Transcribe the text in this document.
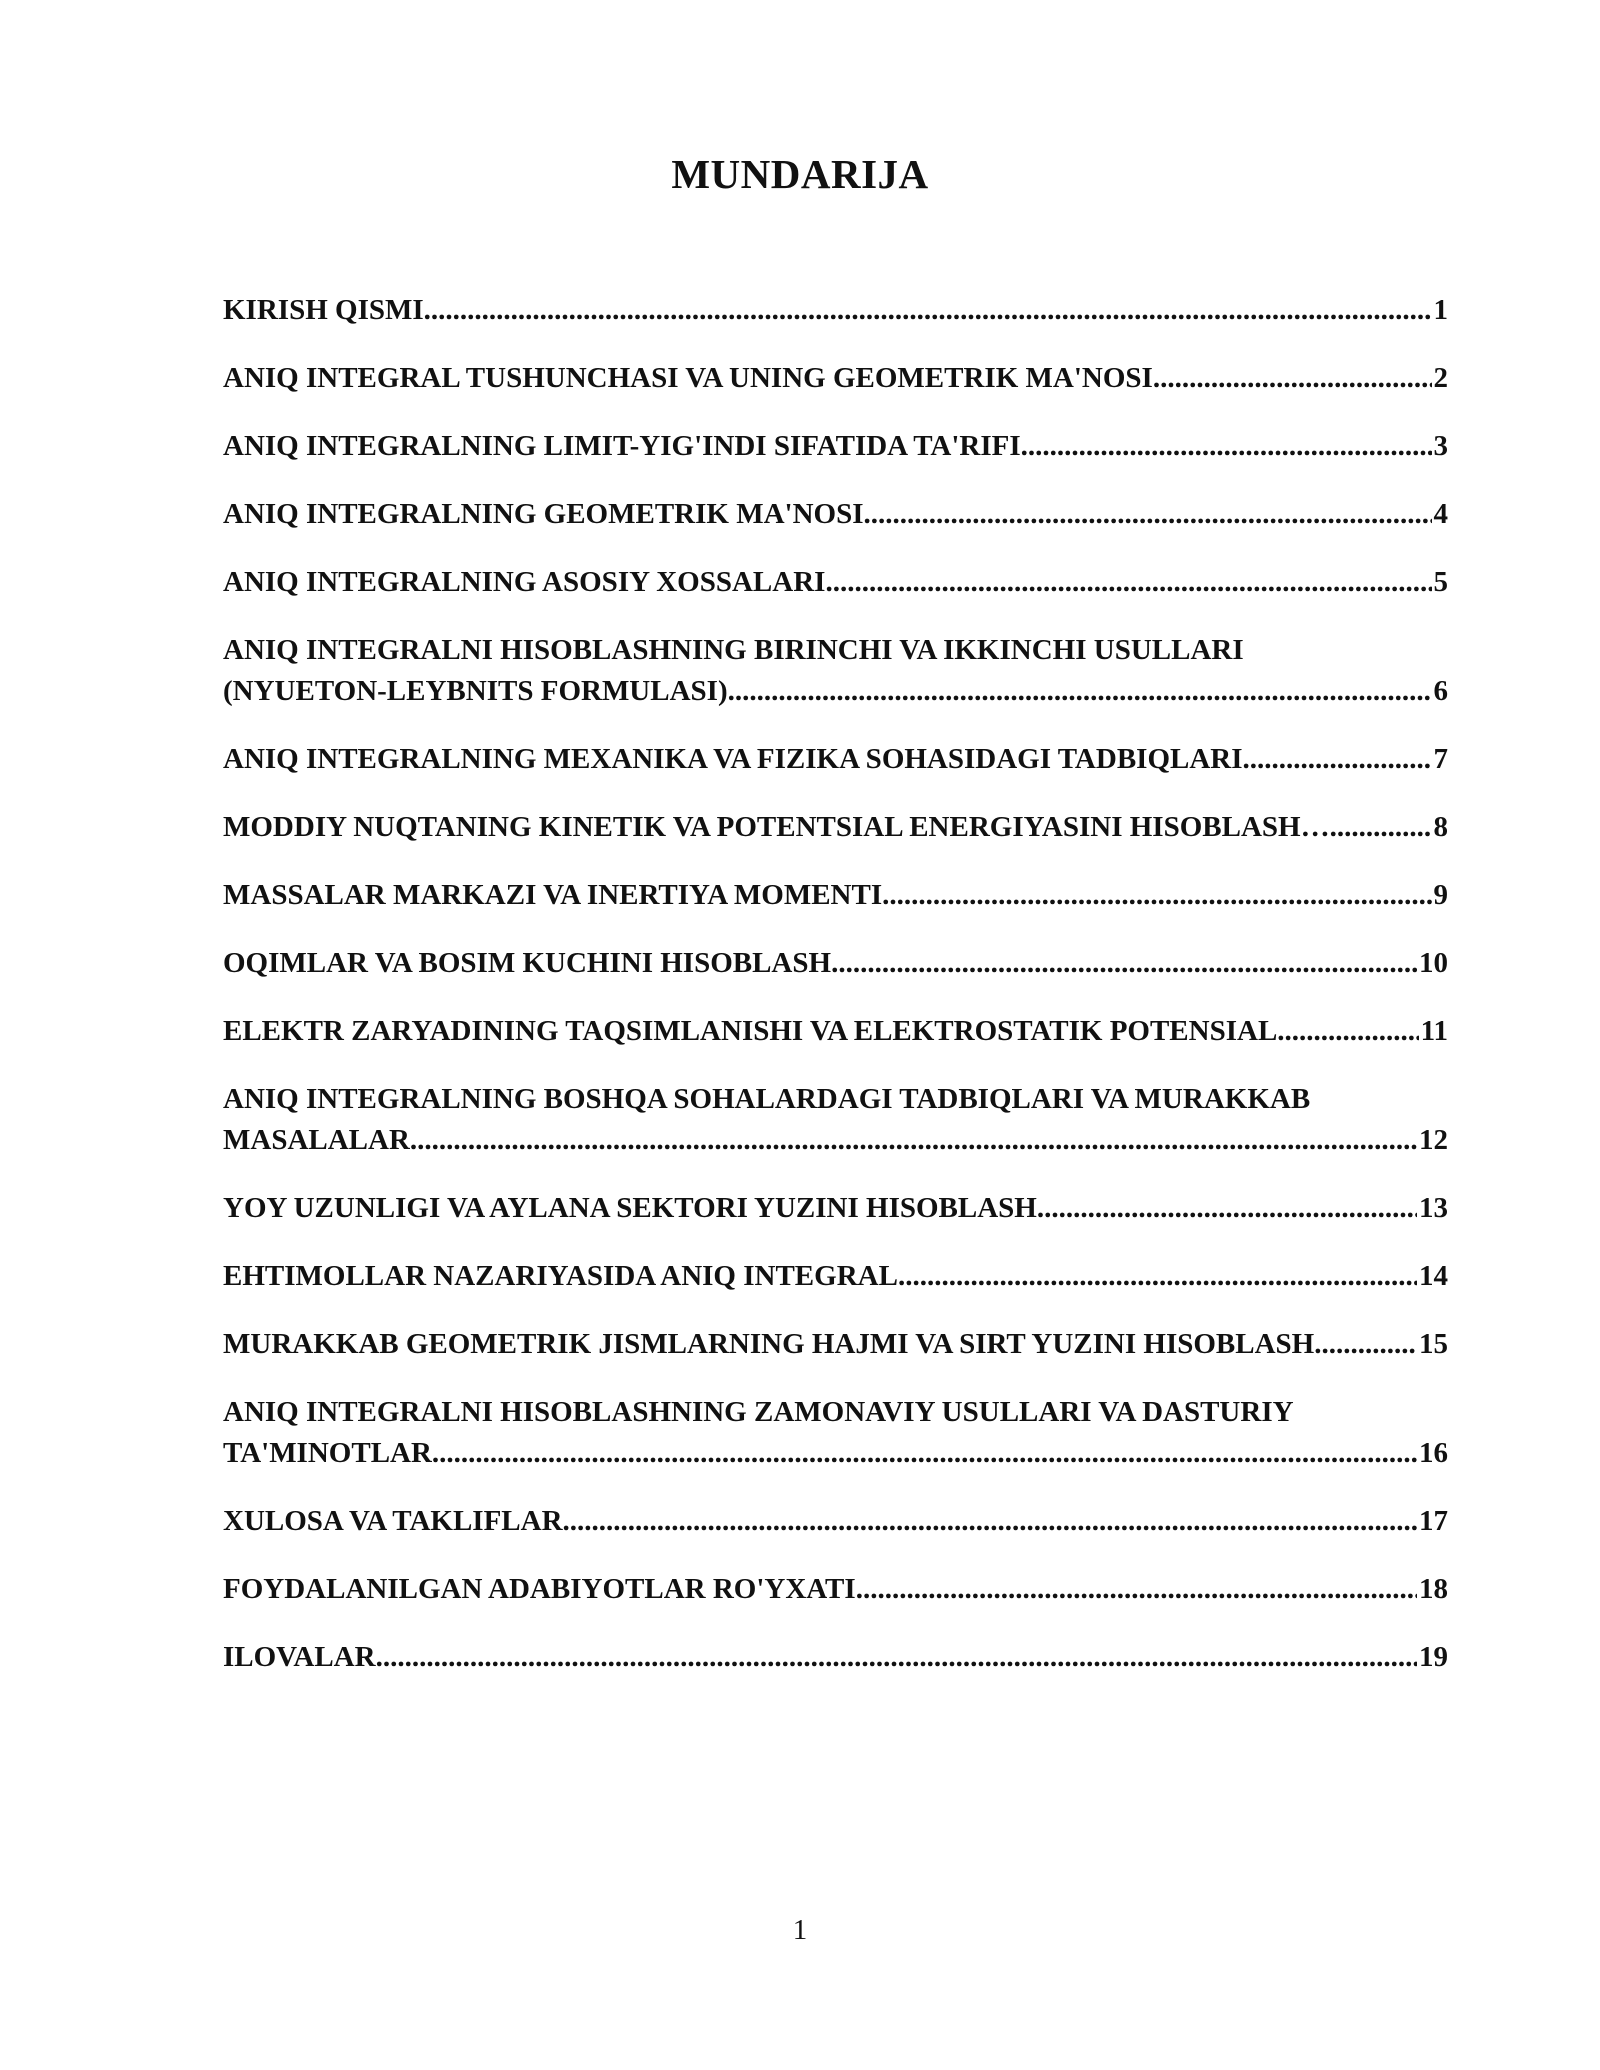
MUNDARIJA
KIRISH QISMI .....	1
ANIQ INTEGRAL TUSHUNCHASI VA UNING GEOMETRIK MA'NOSI .....	2
ANIQ INTEGRALNING LIMIT-YIG'INDI SIFATIDA TA'RIFI .....	3
ANIQ INTEGRALNING GEOMETRIK MA'NOSI .....	4
ANIQ INTEGRALNING ASOSIY XOSSALARI .....	5
ANIQ INTEGRALNI HISOBLASHNING BIRINCHI VA IKKINCHI USULLARI
(NYUETON-LEYBNITS FORMULASI) .....	6
ANIQ INTEGRALNING MEXANIKA VA FIZIKA SOHASIDAGI TADBIQLARI .....	7
MODDIY NUQTANING KINETIK VA POTENTSIAL ENERGIYASINI HISOBLASH… .....	8
MASSALAR MARKAZI VA INERTIYA MOMENTI .....	9
OQIMLAR VA BOSIM KUCHINI HISOBLASH .....	10
ELEKTR ZARYADINING TAQSIMLANISHI VA ELEKTROSTATIK POTENSIAL .....	11
ANIQ INTEGRALNING BOSHQA SOHALARDAGI TADBIQLARI VA MURAKKAB
MASALALAR .....	12
YOY UZUNLIGI VA AYLANA SEKTORI YUZINI HISOBLASH .....	13
EHTIMOLLAR NAZARIYASIDA ANIQ INTEGRAL .....	14
MURAKKAB GEOMETRIK JISMLARNING HAJMI VA SIRT YUZINI HISOBLASH .....	15
ANIQ INTEGRALNI HISOBLASHNING ZAMONAVIY USULLARI VA DASTURIY
TA'MINOTLAR .....	16
XULOSA VA TAKLIFLAR .....	17
FOYDALANILGAN ADABIYOTLAR RO'YXATI .....	18
ILOVALAR .....	19

1
